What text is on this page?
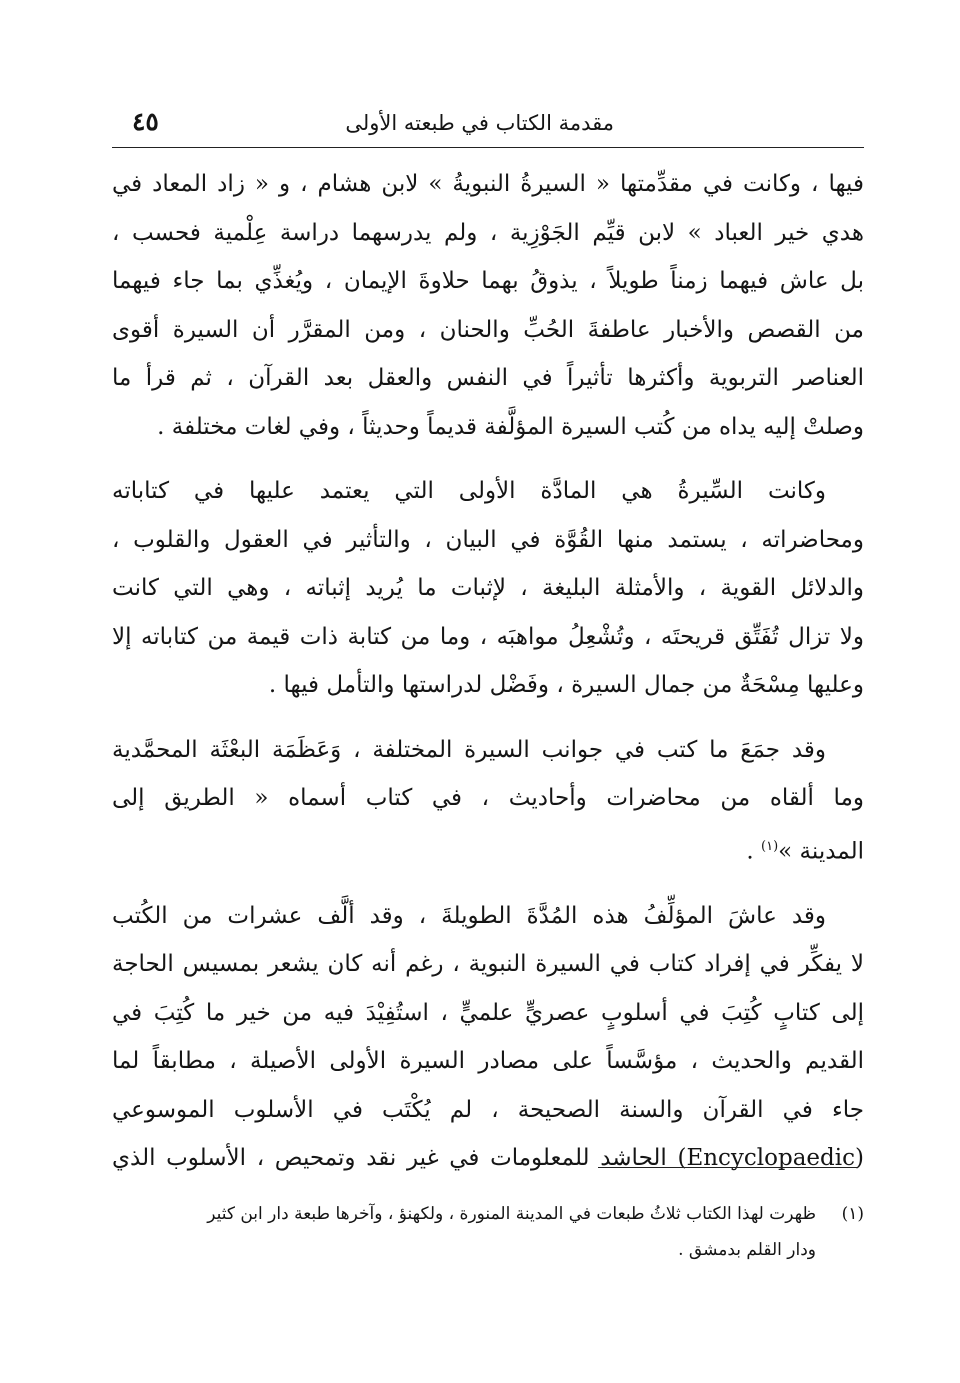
مقدمة الكتاب في طبعته الأولى
٤٥

فيها ، وكانت في مقدِّمتها « السيرةُ النبويةُ » لابن هشام ، و « زاد المعاد في
هدي خير العباد » لابن قيِّم الجَوْزِية ، ولم يدرسهما دراسة عِلْمية فحسب ،
بل عاش فيهما زمناً طويلاً ، يذوقُ بهما حلاوةَ الإيمان ، ويُغذِّي بما جاء فيهما
من القصص والأخبار عاطفةَ الحُبِّ والحنان ، ومن المقرَّر أن السيرة أقوى
العناصر التربوية وأكثرها تأثيراً في النفس والعقل بعد القرآن ، ثم قرأ ما
وصلتْ إليه يداه من كُتب السيرة المؤلَّفة قديماً وحديثاً ، وفي لغات مختلفة .

وكانت السِّيرةُ هي المادَّة الأولى التي يعتمد عليها في كتاباته
ومحاضراته ، يستمد منها القُوَّة في البيان ، والتأثير في العقول والقلوب ،
والدلائل القوية ، والأمثلة البليغة ، لإثبات ما يُريد إثباته ، وهي التي كانت
ولا تزال تُفَتِّق قريحتَه ، وتُشْعِلُ مواهبَه ، وما من كتابة ذات قيمة من كتاباته إلا
وعليها مِسْحَةٌ من جمال السيرة ، وفَضْل لدراستها والتأمل فيها .

وقد جمَعَ ما كتب في جوانب السيرة المختلفة ، وَعَظَمَة البعْثَة المحمَّدية
وما ألقاه من محاضرات وأحاديث ، في كتاب أسماه « الطريق إلى
المدينة »$^{(١)}$ .

وقد عاشَ المؤلِّفُ هذه المُدَّةَ الطويلةَ ، وقد ألَّف عشرات من الكُتب
لا يفكِّر في إفراد كتاب في السيرة النبوية ، رغم أنه كان يشعر بمسيس الحاجة
إلى كتابٍ كُتِبَ في أسلوبٍ عصريٍّ علميٍّ ، استُفِيْدَ فيه من خير ما كُتِبَ في
القديم والحديث ، مؤسَّساً على مصادر السيرة الأولى الأصيلة ، مطابقاً لما
جاء في القرآن والسنة الصحيحة ، لم يُكْتَب في الأسلوب الموسوعي
(Encyclopaedic) الحاشد للمعلومات في غير نقد وتمحيص ، الأسلوب الذي

(١)ظهرت لهذا الكتاب ثلاثُ طبعات في المدينة المنورة ، ولكهنؤ ، وآخرها طبعة دار ابن كثير
ودار القلم بدمشق .
